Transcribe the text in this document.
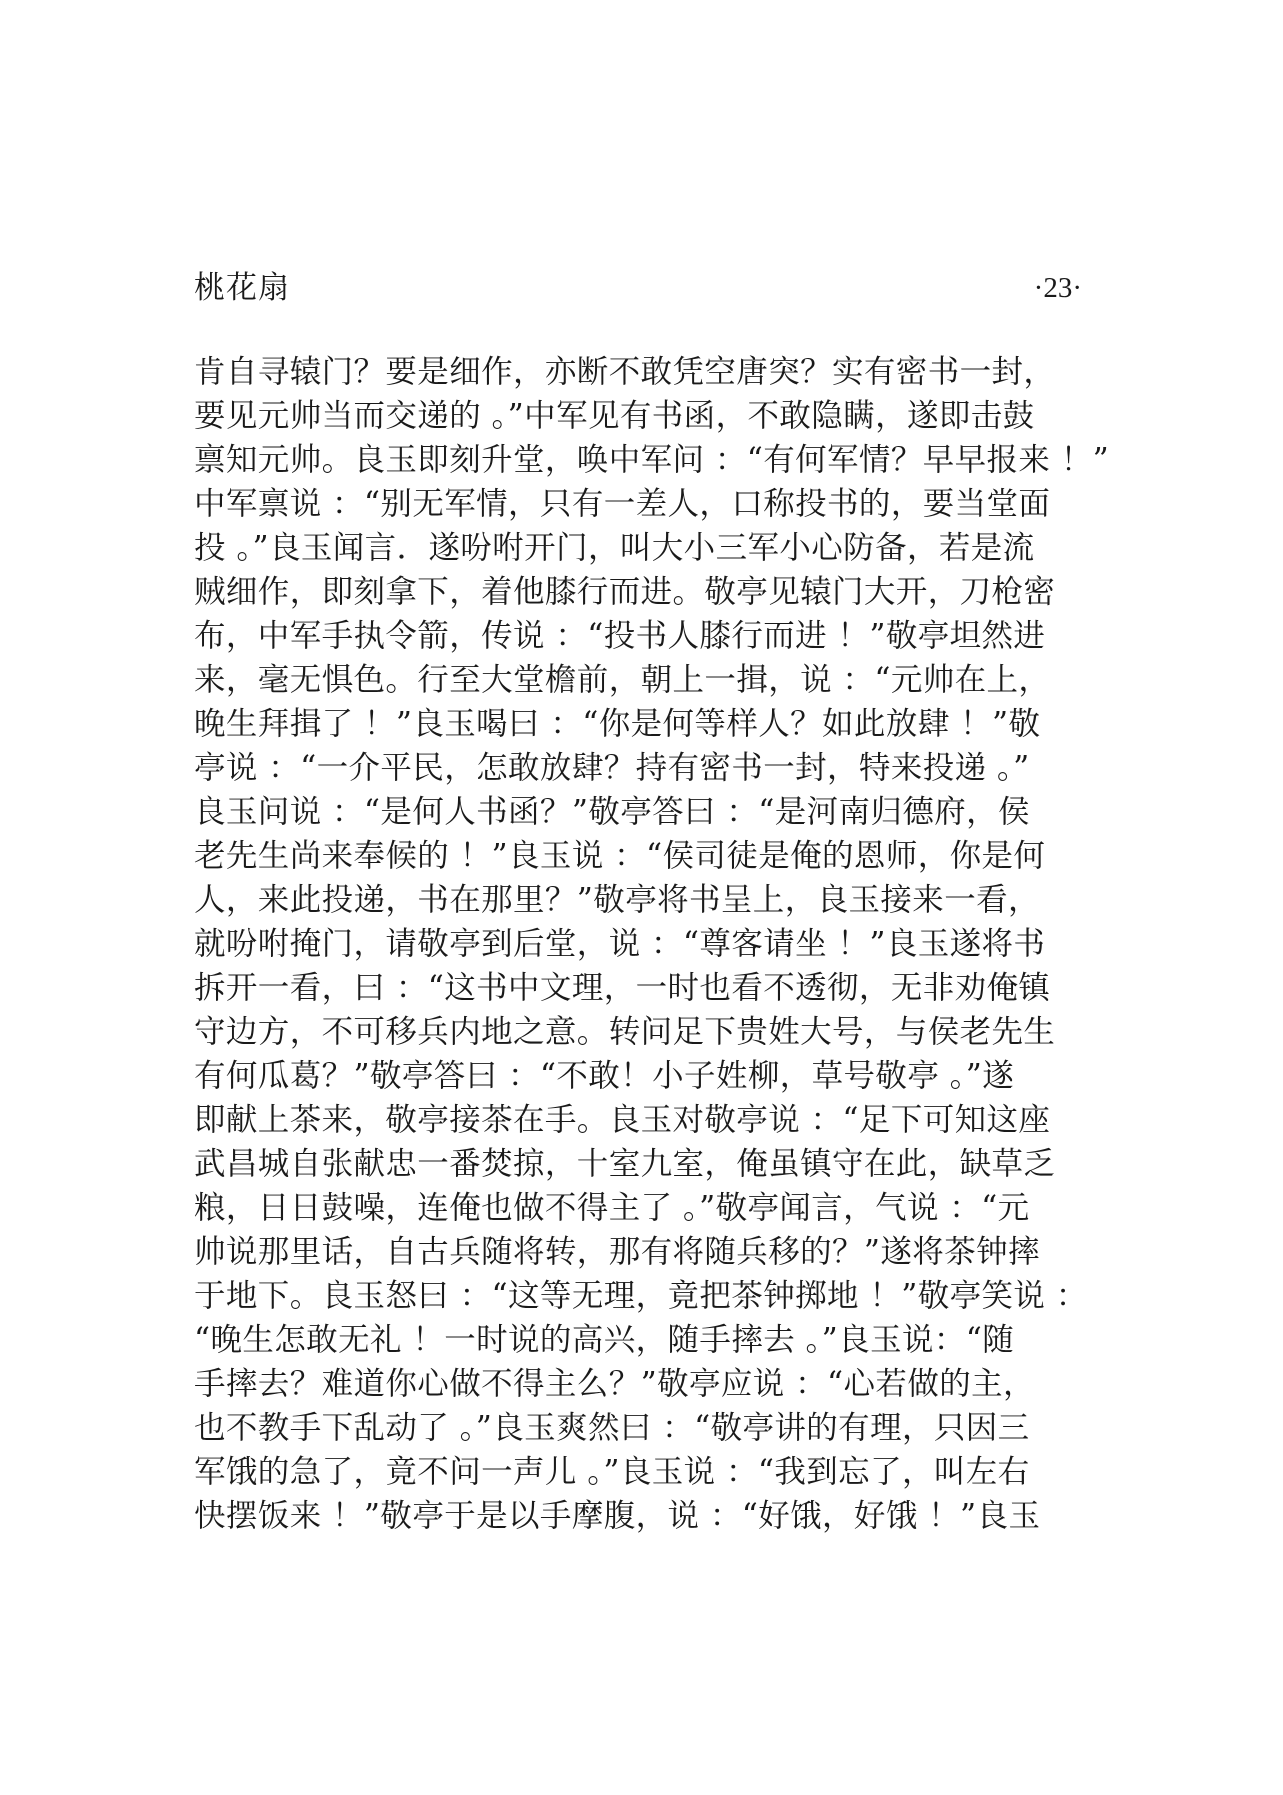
桃花扇	·23·
肯自寻辕门？要是细作，亦断不敢凭空唐突？实有密书一封，
要见元帅当而交递的 。”中军见有书函，不敢隐瞒，遂即击鼓
禀知元帅。良玉即刻升堂，唤中军问 ：“有何军情？早早报来 ！”
中军禀说 ：“别无军情，只有一差人，口称投书的，要当堂面
投 。”良玉闻言．遂吩咐开门，叫大小三军小心防备，若是流
贼细作，即刻拿下，着他膝行而进。敬亭见辕门大开，刀枪密
布，中军手执令箭，传说 ：“投书人膝行而进 ！”敬亭坦然进
来，毫无惧色。行至大堂檐前，朝上一揖，说 ：“元帅在上，
晚生拜揖了 ！”良玉喝曰 ：“你是何等样人？如此放肆 ！”敬
亭说 ：“一介平民，怎敢放肆？持有密书一封，特来投递 。”
良玉问说 ：“是何人书函？”敬亭答曰 ：“是河南归德府，侯
老先生尚来奉候的 ！”良玉说 ：“侯司徒是俺的恩师，你是何
人，来此投递，书在那里？”敬亭将书呈上，良玉接来一看，
就吩咐掩门，请敬亭到后堂，说 ：“尊客请坐 ！”良玉遂将书
拆开一看，曰 ：“这书中文理，一时也看不透彻，无非劝俺镇
守边方，不可移兵内地之意。转问足下贵姓大号，与侯老先生
有何瓜葛？”敬亭答曰 ：“不敢！小子姓柳，草号敬亭 。”遂
即献上茶来，敬亭接茶在手。良玉对敬亭说 ：“足下可知这座
武昌城自张献忠一番焚掠，十室九室，俺虽镇守在此，缺草乏
粮，日日鼓噪，连俺也做不得主了 。”敬亭闻言，气说 ：“元
帅说那里话，自古兵随将转，那有将随兵移的？”遂将茶钟摔
于地下。良玉怒曰 ：“这等无理，竟把茶钟掷地 ！”敬亭笑说 ：
“晚生怎敢无礼 ！一时说的高兴，随手摔去 。”良玉说：“随
手摔去？难道你心做不得主么？”敬亭应说 ：“心若做的主，
也不教手下乱动了 。”良玉爽然曰 ：“敬亭讲的有理，只因三
军饿的急了，竟不问一声儿 。”良玉说 ：“我到忘了，叫左右
快摆饭来 ！”敬亭于是以手摩腹，说 ：“好饿，好饿 ！”良玉
